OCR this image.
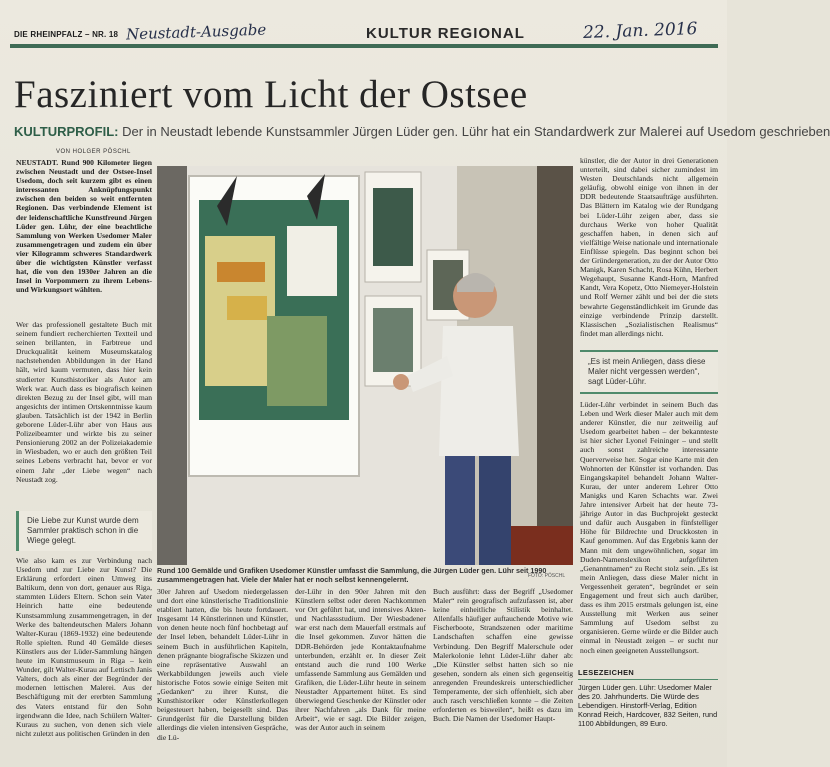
DIE RHEINPFALZ – NR. 18 Neustadt-Ausgabe	KULTUR REGIONAL	22. Jan. 2016
Fasziniert vom Licht der Ostsee
KULTURPROFIL: Der in Neustadt lebende Kunstsammler Jürgen Lüder gen. Lühr hat ein Standardwerk zur Malerei auf Usedom geschrieben
VON HOLGER PÖSCHL
NEUSTADT. Rund 900 Kilometer liegen zwischen Neustadt und der Ostsee-Insel Usedom, doch seit kurzem gibt es einen interessanten Anknüpfungspunkt zwischen den beiden so weit entfernten Regionen. Das verbindende Element ist der leidenschaftliche Kunstfreund Jürgen Lüder gen. Lühr, der eine beachtliche Sammlung von Werken Usedomer Maler zusammengetragen und zudem ein über vier Kilogramm schweres Standardwerk über die wichtigsten Künstler verfasst hat, die von den 1930er Jahren an die Insel in Vorpommern zu ihrem Lebens- und Wirkungsort wählten.
Wer das professionell gestaltete Buch mit seinem fundiert recherchierten Textteil und seinen brillanten, in Farbtreue und Druckqualität keinem Museumskatalog nachstehenden Abbildungen in der Hand hält, wird kaum vermuten, dass hier kein studierter Kunsthistoriker als Autor am Werk war. Auch dass es biografisch keinen direkten Bezug zu der Insel gibt, will man angesichts der intimen Ortskenntnisse kaum glauben. Tatsächlich ist der 1942 in Berlin geborene Lüder-Lühr aber von Haus aus Polizeibeamter und wirkte bis zu seiner Pensionierung 2002 an der Polizeiakademie in Wiesbaden, wo er auch den größten Teil seines Lebens verbracht hat, bevor er vor einem Jahr „der Liebe wegen“ nach Neustadt zog.
Die Liebe zur Kunst wurde dem Sammler praktisch schon in die Wiege gelegt.
Wie also kam es zur Verbindung nach Usedom und zur Liebe zur Kunst? Die Erklärung erfordert einen Umweg ins Baltikum, denn von dort, genauer aus Riga, stammten Lüders Eltern. Schon sein Vater Heinrich hatte eine bedeutende Kunstsammlung zusammengetragen, in der Werke des baltendeutschen Malers Johann Walter-Kurau (1869-1932) eine bedeutende Rolle spielten. Rund 40 Gemälde dieses Künstlers aus der Lüder-Sammlung hängen heute im Kunstmuseum in Riga – kein Wunder, gilt Walter-Kurau auf Lettisch Janis Valters, doch als einer der Begründer der modernen lettischen Malerei. Aus der Beschäftigung mit der ererbten Sammlung des Vaters entstand für den Sohn irgendwann die Idee, nach Schülern Walter-Kuraus zu suchen, von denen sich viele nicht zuletzt aus politischen Gründen in den
Rund 100 Gemälde und Grafiken Usedomer Künstler umfasst die Sammlung, die Jürgen Lüder gen. Lühr seit 1990 zusammengetragen hat. Viele der Maler hat er noch selbst kennengelernt.	FOTO: PÖSCHL
30er Jahren auf Usedom niedergelassen und dort eine künstlerische Traditionslinie etabliert hatten, die bis heute fortdauert. Insgesamt 14 Künstlerinnen und Künstler, von denen heute noch fünf hochbetagt auf der Insel leben, behandelt Lüder-Lühr in seinem Buch in ausführlichen Kapiteln, denen prägnante biografische Skizzen und eine repräsentative Auswahl an Werkabbildungen jeweils auch viele historische Fotos sowie einige Seiten mit „Gedanken“ zu ihrer Kunst, die Kunsthistoriker oder Künstlerkollegen beigesteuert haben, beigesellt sind. Das Grundgerüst für die Darstellung bilden allerdings die vielen intensiven Gespräche, die Lü-
der-Lühr in den 90er Jahren mit den Künstlern selbst oder deren Nachkommen vor Ort geführt hat, und intensives Akten- und Nachlassstudium. Der Wiesbadener war erst nach dem Mauerfall erstmals auf die Insel gekommen. Zuvor hätten die DDR-Behörden jede Kontaktaufnahme unterbunden, erzählt er. In dieser Zeit entstand auch die rund 100 Werke umfassende Sammlung aus Gemälden und Grafiken, die Lüder-Lühr heute in seinem Neustadter Appartement hütet. Es sind überwiegend Geschenke der Künstler oder ihrer Nachfahren „als Dank für meine Arbeit“, wie er sagt. Die Bilder zeigen, was der Autor auch in seinem
Buch ausführt: dass der Begriff „Usedomer Maler“ rein geografisch aufzufassen ist, aber keine einheitliche Stilistik beinhaltet. Allenfalls häufiger auftauchende Motive wie Fischerboote, Strandszenen oder maritime Landschaften schaffen eine gewisse Verbindung. Den Begriff Malerschule oder Malerkolonie lehnt Lüder-Lühr daher ab: „Die Künstler selbst hatten sich so nie gesehen, sondern als einen sich gegenseitig anregenden Freundeskreis unterschiedlicher Temperamente, der sich offenhielt, sich aber auch rasch verschließen konnte – die Zeiten erforderten es bisweilen“, heißt es dazu im Buch. Die Namen der Usedomer Haupt-
künstler, die der Autor in drei Generationen unterteilt, sind dabei sicher zumindest im Westen Deutschlands nicht allgemein geläufig, obwohl einige von ihnen in der DDR bedeutende Staatsaufträge ausführten. Das Blättern im Katalog wie der Rundgang bei Lüder-Lühr zeigen aber, dass sie durchaus Werke von hoher Qualität geschaffen haben, in denen sich auf vielfältige Weise nationale und internationale Einflüsse spiegeln. Das beginnt schon bei der Gründergeneration, zu der der Autor Otto Manigk, Karen Schacht, Rosa Kühn, Herbert Wegehaupt, Susanne Kandt-Horn, Manfred Kandt, Vera Kopetz, Otto Niemeyer-Holstein und Rolf Werner zählt und bei der die stets bewahrte Gegenständlichkeit im Grunde das einzige verbindende Prinzip darstellt. Klassischen „Sozialistischen Realismus“ findet man allerdings nicht.
„Es ist mein Anliegen, dass diese Maler nicht vergessen werden“, sagt Lüder-Lühr.
Lüder-Lühr verbindet in seinem Buch das Leben und Werk dieser Maler auch mit dem anderer Künstler, die nur zeitweilig auf Usedom gearbeitet haben – der bekannteste ist hier sicher Lyonel Feininger – und stellt auch sonst zahlreiche interessante Querverweise her. Sogar eine Karte mit den Wohnorten der Künstler ist vorhanden. Das Eingangskapitel behandelt Johann Walter-Kurau, der unter anderem Lehrer Otto Manigks und Karen Schachts war. Zwei Jahre intensiver Arbeit hat der heute 73-jährige Autor in das Buchprojekt gesteckt und dafür auch Ausgaben in fünfstelliger Höhe für Bildrechte und Druckkosten in Kauf genommen. Auf das Ergebnis kann der Mann mit dem ungewöhnlichen, sogar im Duden-Namenslexikon aufgeführten „Genanntnamen“ zu Recht stolz sein. „Es ist mein Anliegen, dass diese Maler nicht in Vergessenheit geraten“, begründet er sein Engagement und freut sich auch darüber, dass es ihm 2015 erstmals gelungen ist, eine Ausstellung mit Werken aus seiner Sammlung auf Usedom selbst zu organisieren. Gerne würde er die Bilder auch einmal in Neustadt zeigen – er sucht nur noch einen geeigneten Ausstellungsort.
LESEZEICHEN
Jürgen Lüder gen. Lühr: Usedomer Maler des 20. Jahrhunderts. Die Würde des Lebendigen. Hinstorff-Verlag, Edition Konrad Reich, Hardcover, 832 Seiten, rund 1100 Abbildungen, 89 Euro.
